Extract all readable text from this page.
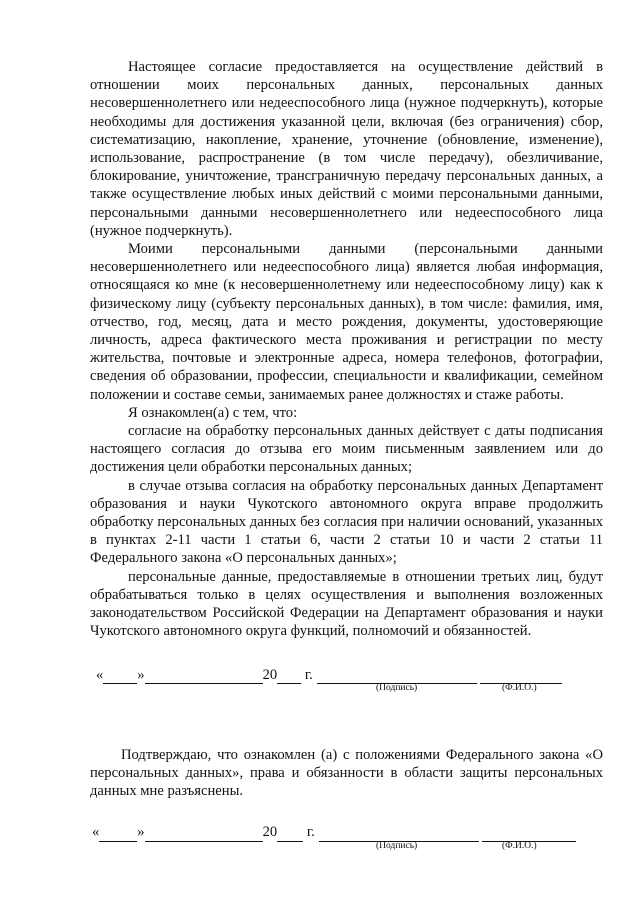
Настоящее согласие предоставляется на осуществление действий в отношении моих персональных данных, персональных данных несовершеннолетнего или недееспособного лица (нужное подчеркнуть), которые необходимы для достижения указанной цели, включая (без ограничения) сбор, систематизацию, накопление, хранение, уточнение (обновление, изменение), использование, распространение (в том числе передачу), обезличивание, блокирование, уничтожение, трансграничную передачу персональных данных, а также осуществление любых иных действий с моими персональными данными, персональными данными несовершеннолетнего или недееспособного лица (нужное подчеркнуть).

Моими персональными данными (персональными данными несовершеннолетнего или недееспособного лица) является любая информация, относящаяся ко мне (к несовершеннолетнему или недееспособному лицу) как к физическому лицу (субъекту персональных данных), в том числе: фамилия, имя, отчество, год, месяц, дата и место рождения, документы, удостоверяющие личность, адреса фактического места проживания и регистрации по месту жительства, почтовые и электронные адреса, номера телефонов, фотографии, сведения об образовании, профессии, специальности и квалификации, семейном положении и составе семьи, занимаемых ранее должностях и стаже работы.

Я ознакомлен(а) с тем, что:

согласие на обработку персональных данных действует с даты подписания настоящего согласия до отзыва его моим письменным заявлением или до достижения цели обработки персональных данных;

в случае отзыва согласия на обработку персональных данных Департамент образования и науки Чукотского автономного округа вправе продолжить обработку персональных данных без согласия при наличии оснований, указанных в пунктах 2-11 части 1 статьи 6, части 2 статьи 10 и части 2 статьи 11 Федерального закона «О персональных данных»;

персональные данные, предоставляемые в отношении третьих лиц, будут обрабатываться только в целях осуществления и выполнения возложенных законодательством Российской Федерации на Департамент образования и науки Чукотского автономного округа функций, полномочий и обязанностей.

« »	20
г.

(Подпись)	(Ф.И.О.)

Подтверждаю, что ознакомлен (а) с положениями Федерального закона «О персональных данных», права и обязанности в области защиты персональных данных мне разъяснены.

«	»	20
г.

(Подпись)	(Ф.И.О.)
